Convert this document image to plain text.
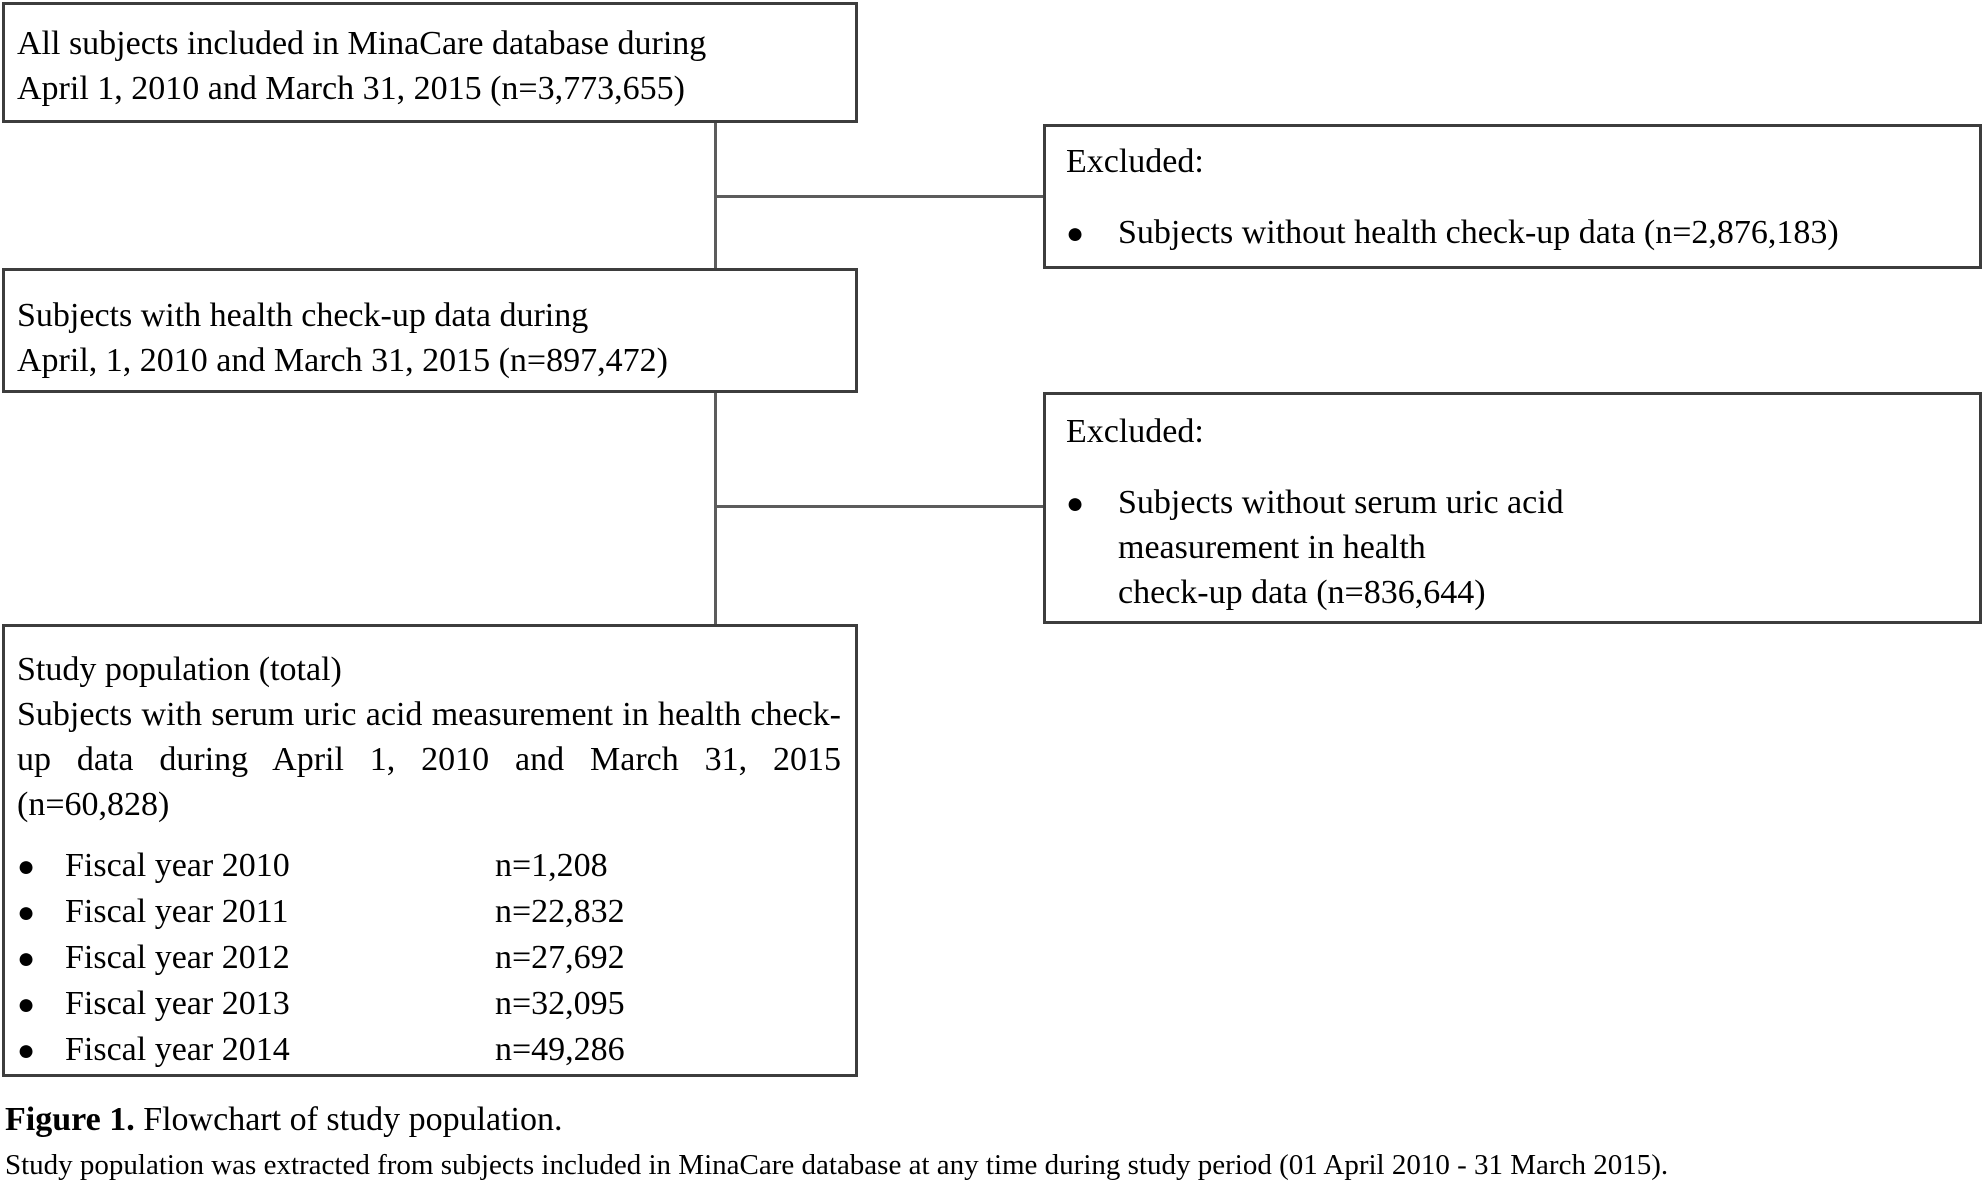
All subjects included in MinaCare database during
April 1, 2010 and March 31, 2015 (n=3,773,655)
Excluded:
● Subjects without health check-up data (n=2,876,183)
Subjects with health check-up data during
April, 1, 2010 and March 31, 2015 (n=897,472)
Excluded:
● Subjects without serum uric acid
measurement in health
check-up data (n=836,644)
Study population (total)
Subjects with serum uric acid measurement in health check-up data during April 1, 2010 and March 31, 2015 (n=60,828)
● Fiscal year 2010	n=1,208
● Fiscal year 2011	n=22,832
● Fiscal year 2012	n=27,692
● Fiscal year 2013	n=32,095
● Fiscal year 2014	n=49,286
Figure 1. Flowchart of study population.
Study population was extracted from subjects included in MinaCare database at any time during study period (01 April 2010 - 31 March 2015).
